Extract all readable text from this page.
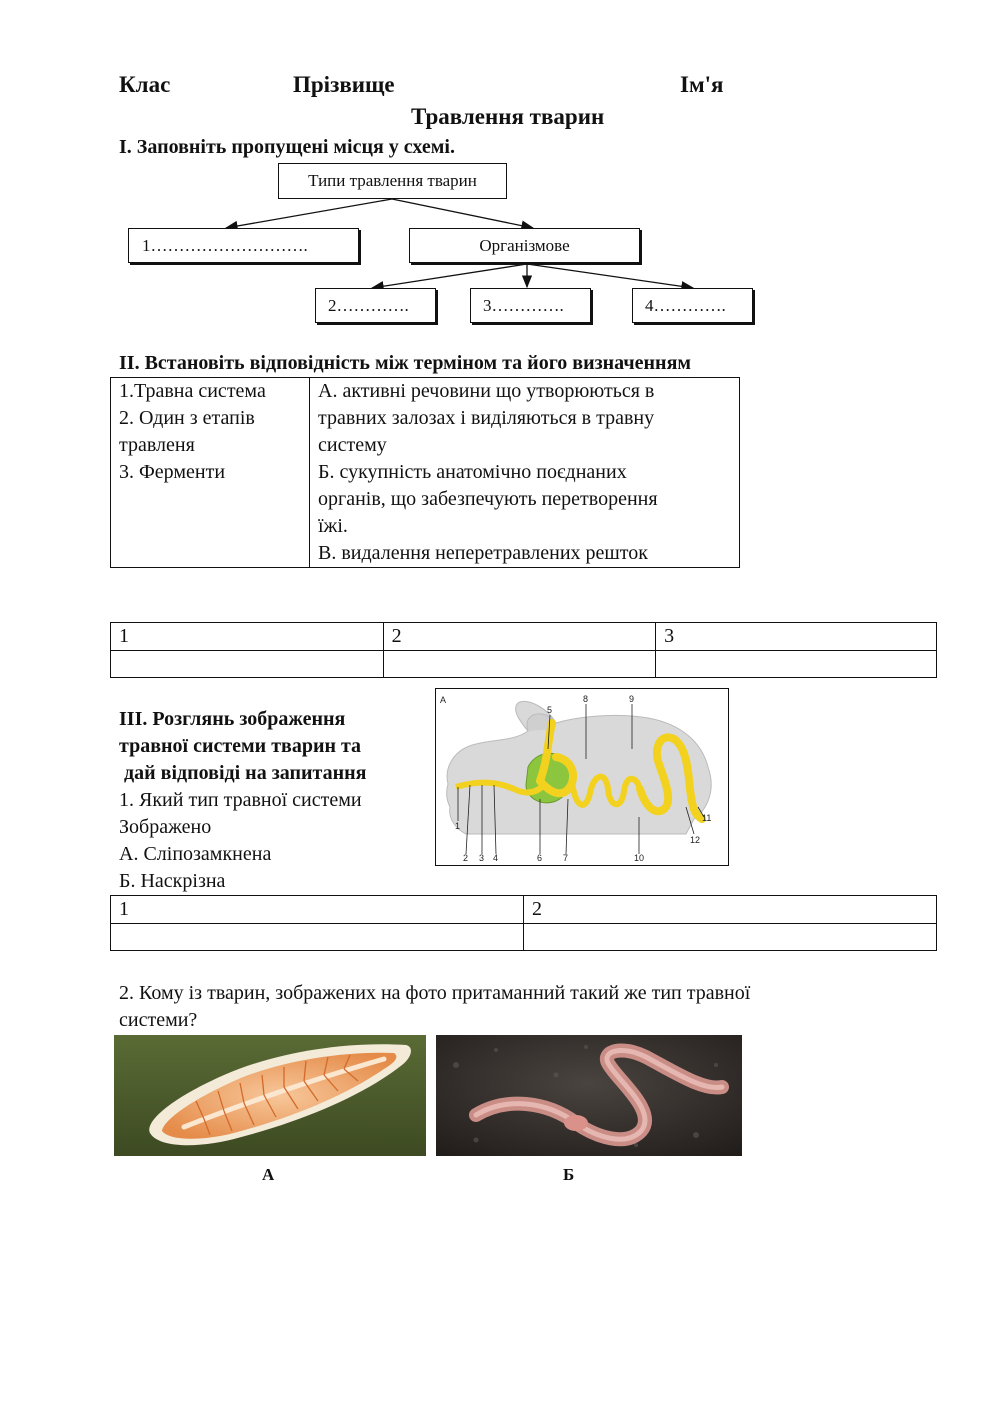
Клас	Прізвище	Ім'я
Травлення тварин
І. Заповніть пропущені місця у схемі.
Типи травлення тварин
1……………………….	Організмове
2………….	3………….	4………….
ІІ. Встановіть відповідність між терміном та його визначенням
1.Травна система
2. Один з етапів
травленя
3. Ферменти

А. активні речовини що утворюються в
травних залозах і виділяються в травну
систему
Б. сукупність анатомічно поєднаних
органів, що забезпечують перетворення
їжі.
В. видалення неперетравлених решток
1	2	3

ІІІ. Розглянь зображення
травної системи тварин та
дай відповіді на запитання
1. Який тип травної системи
Зображено
А. Сліпозамкнена
Б. Наскрізна
А
1
2 3 4
5
6 7
8	9
10
11
12
1	2

2. Кому із тварин, зображених на фото притаманний такий же тип травної
системи?
А	Б
